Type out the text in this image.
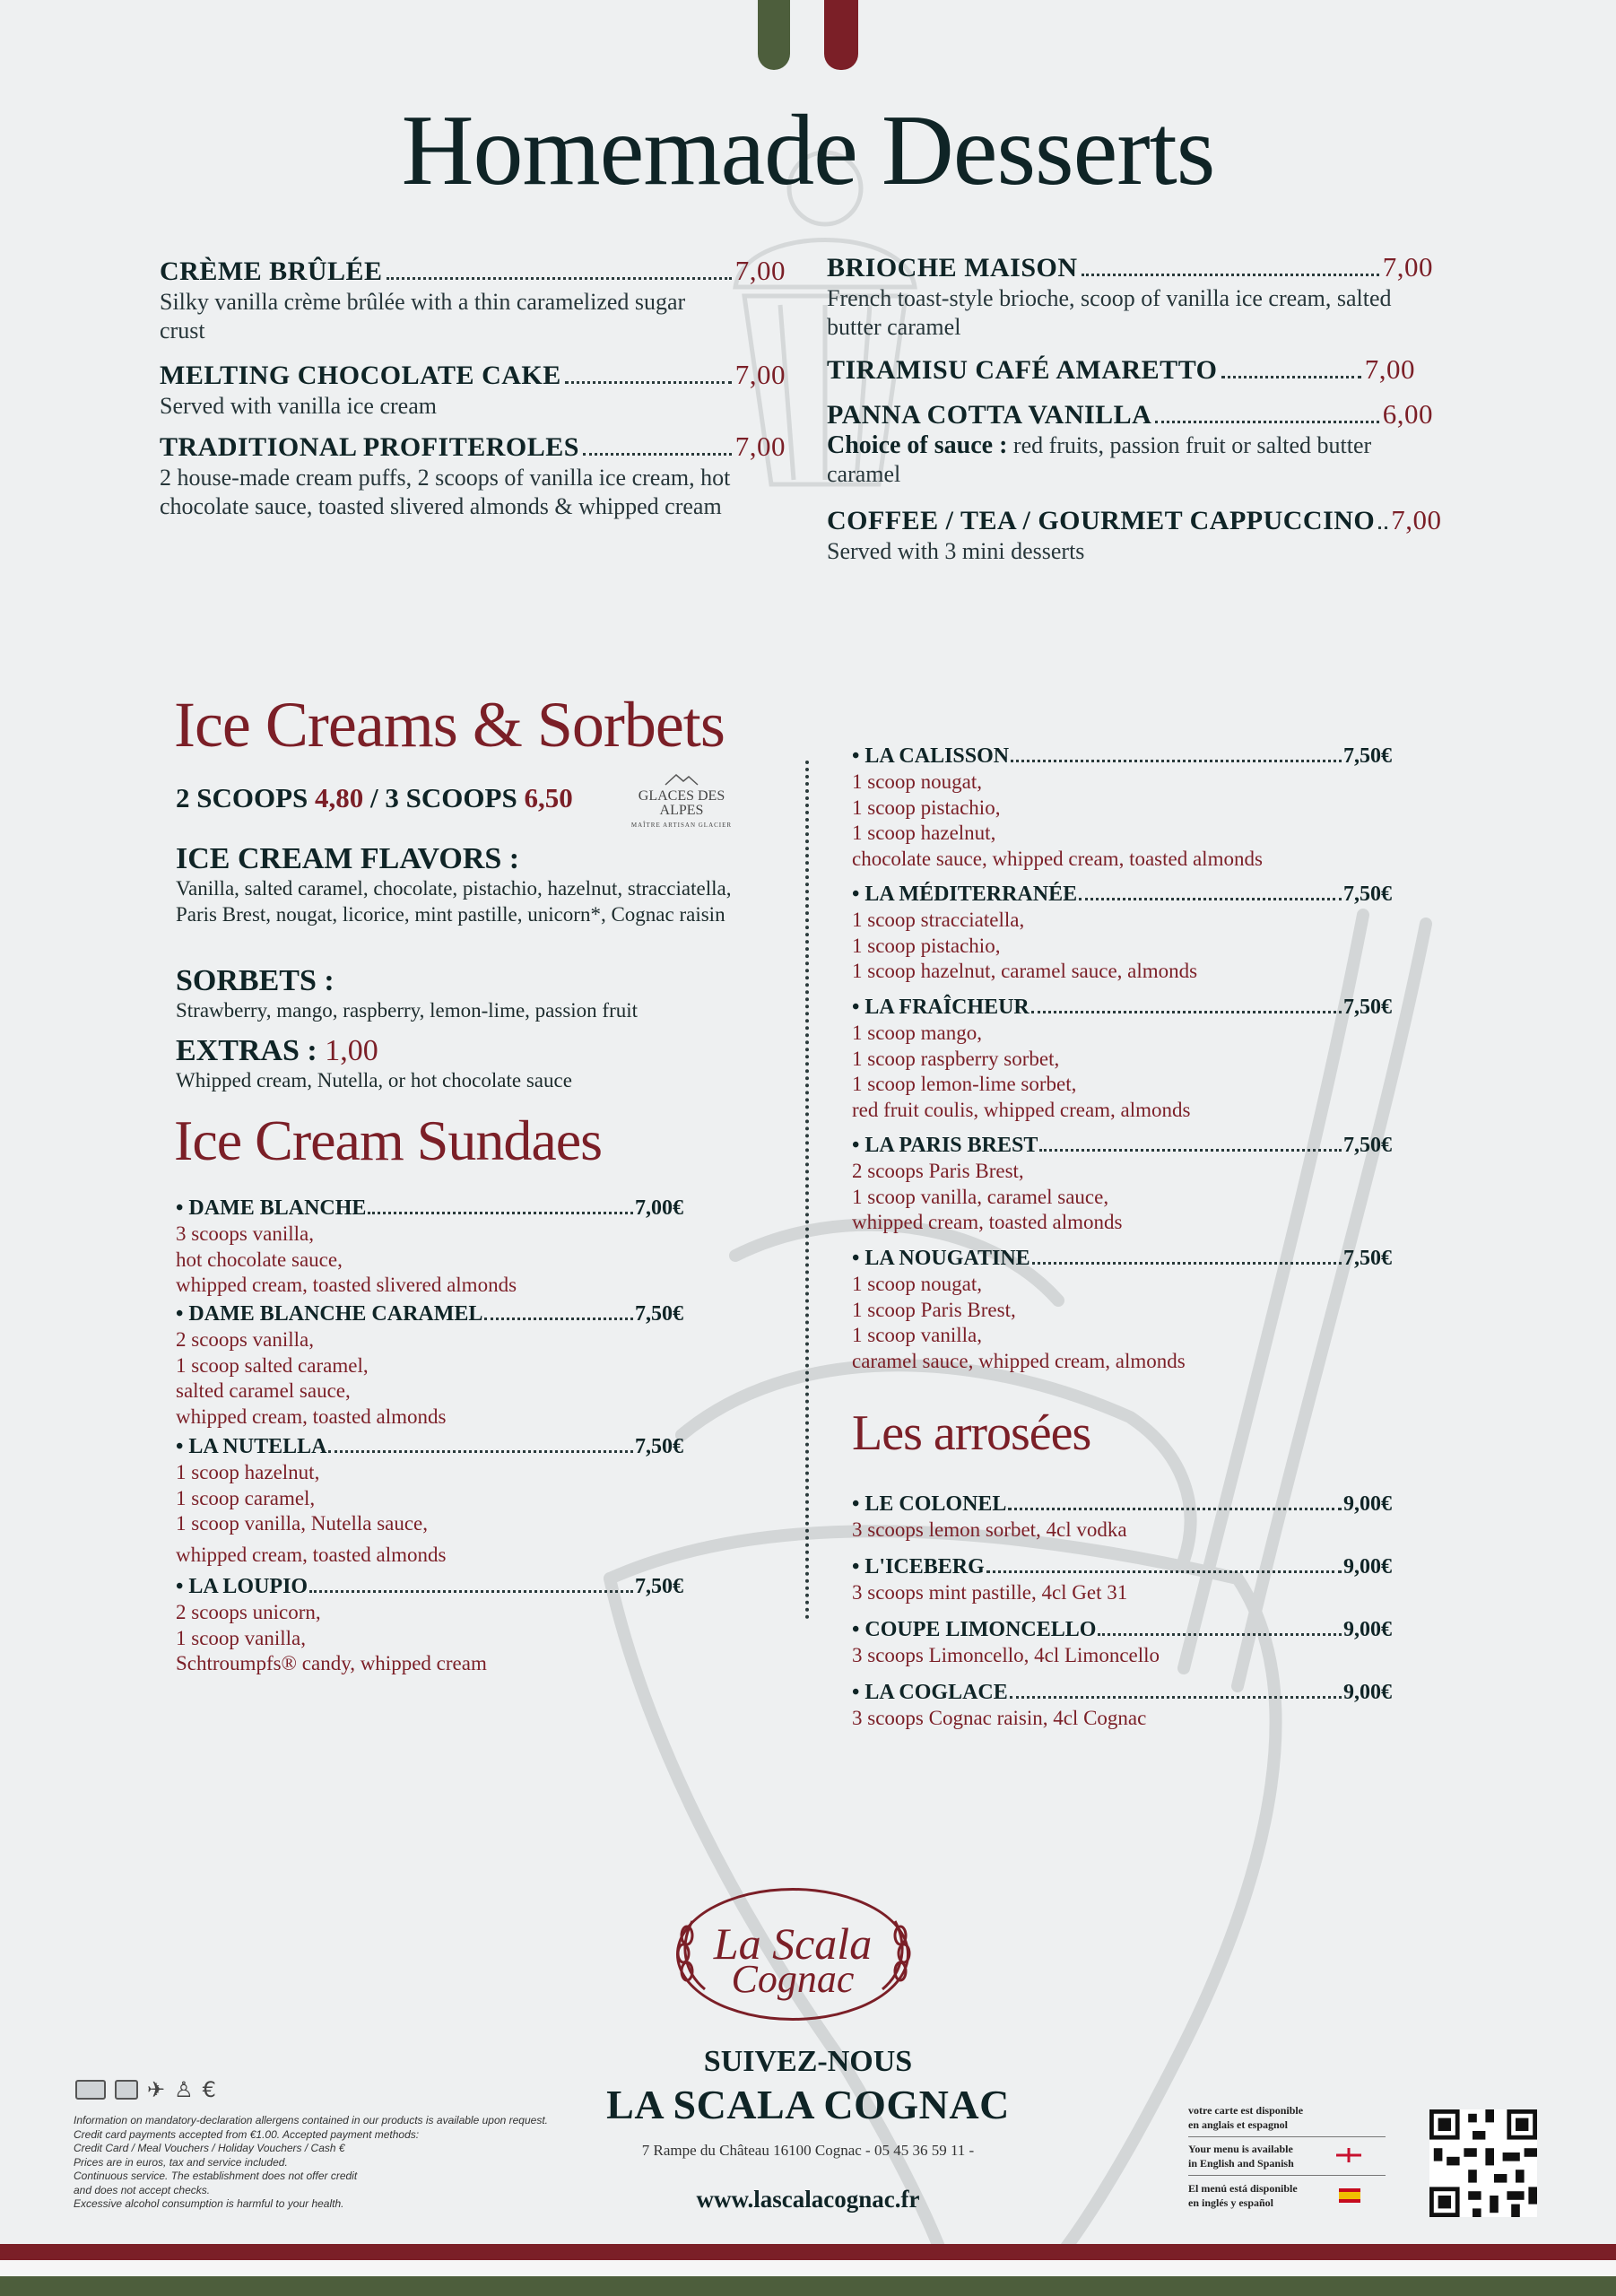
Homemade Desserts
CRÈME BRÛLÉE	7,00
Silky vanilla crème brûlée with a thin caramelized sugar crust
MELTING CHOCOLATE CAKE	7,00
Served with vanilla ice cream
TRADITIONAL PROFITEROLES	7,00
2 house-made cream puffs, 2 scoops of vanilla ice cream, hot chocolate sauce, toasted slivered almonds & whipped cream
BRIOCHE MAISON	7,00
French toast-style brioche, scoop of vanilla ice cream, salted butter caramel
TIRAMISU CAFÉ AMARETTO	7,00
PANNA COTTA VANILLA	6,00
Choice of sauce : red fruits, passion fruit or salted butter caramel
COFFEE / TEA / GOURMET CAPPUCCINO 7,00
Served with 3 mini desserts
Ice Creams & Sorbets
2 SCOOPS 4,80 / 3 SCOOPS 6,50	GLACES DES ALPES
MAÎTRE ARTISAN GLACIER
ICE CREAM FLAVORS :
Vanilla, salted caramel, chocolate, pistachio, hazelnut, stracciatella, Paris Brest, nougat, licorice, mint pastille, unicorn*, Cognac raisin
SORBETS :
Strawberry, mango, raspberry, lemon-lime, passion fruit
EXTRAS : 1,00
Whipped cream, Nutella, or hot chocolate sauce
Ice Cream Sundaes
• DAME BLANCHE	7,00€
3 scoops vanilla,
hot chocolate sauce,
whipped cream, toasted slivered almonds
• DAME BLANCHE CARAMEL	7,50€
2 scoops vanilla,
1 scoop salted caramel,
salted caramel sauce,
whipped cream, toasted almonds
• LA NUTELLA	7,50€
1 scoop hazelnut,
1 scoop caramel,
1 scoop vanilla, Nutella sauce,
whipped cream, toasted almonds
• LA LOUPIO	7,50€
2 scoops unicorn,
1 scoop vanilla,
Schtroumpfs® candy, whipped cream
• LA CALISSON	7,50€
1 scoop nougat,
1 scoop pistachio,
1 scoop hazelnut,
chocolate sauce, whipped cream, toasted almonds
• LA MÉDITERRANÉE	7,50€
1 scoop stracciatella,
1 scoop pistachio,
1 scoop hazelnut, caramel sauce, almonds
• LA FRAÎCHEUR	7,50€
1 scoop mango,
1 scoop raspberry sorbet,
1 scoop lemon-lime sorbet,
red fruit coulis, whipped cream, almonds
• LA PARIS BREST	7,50€
2 scoops Paris Brest,
1 scoop vanilla, caramel sauce,
whipped cream, toasted almonds
• LA NOUGATINE	7,50€
1 scoop nougat,
1 scoop Paris Brest,
1 scoop vanilla,
caramel sauce, whipped cream, almonds
Les arrosées
• LE COLONEL	9,00€
3 scoops lemon sorbet, 4cl vodka
• L'ICEBERG	9,00€
3 scoops mint pastille, 4cl Get 31
• COUPE LIMONCELLO	9,00€
3 scoops Limoncello, 4cl Limoncello
• LA COGLACE	9,00€
3 scoops Cognac raisin, 4cl Cognac
La Scala
Cognac
SUIVEZ-NOUS
LA SCALA COGNAC
7 Rampe du Château 16100 Cognac - 05 45 36 59 11 -
www.lascalacognac.fr
✈ ♙ €
Information on mandatory-declaration allergens contained in our products is available upon request.
Credit card payments accepted from €1.00. Accepted payment methods:
Credit Card / Meal Vouchers / Holiday Vouchers / Cash €
Prices are in euros, tax and service included.
Continuous service. The establishment does not offer credit
and does not accept checks.
Excessive alcohol consumption is harmful to your health.
votre carte est disponible
en anglais et espagnol
Your menu is available
in English and Spanish
El menú está disponible
en inglés y español
